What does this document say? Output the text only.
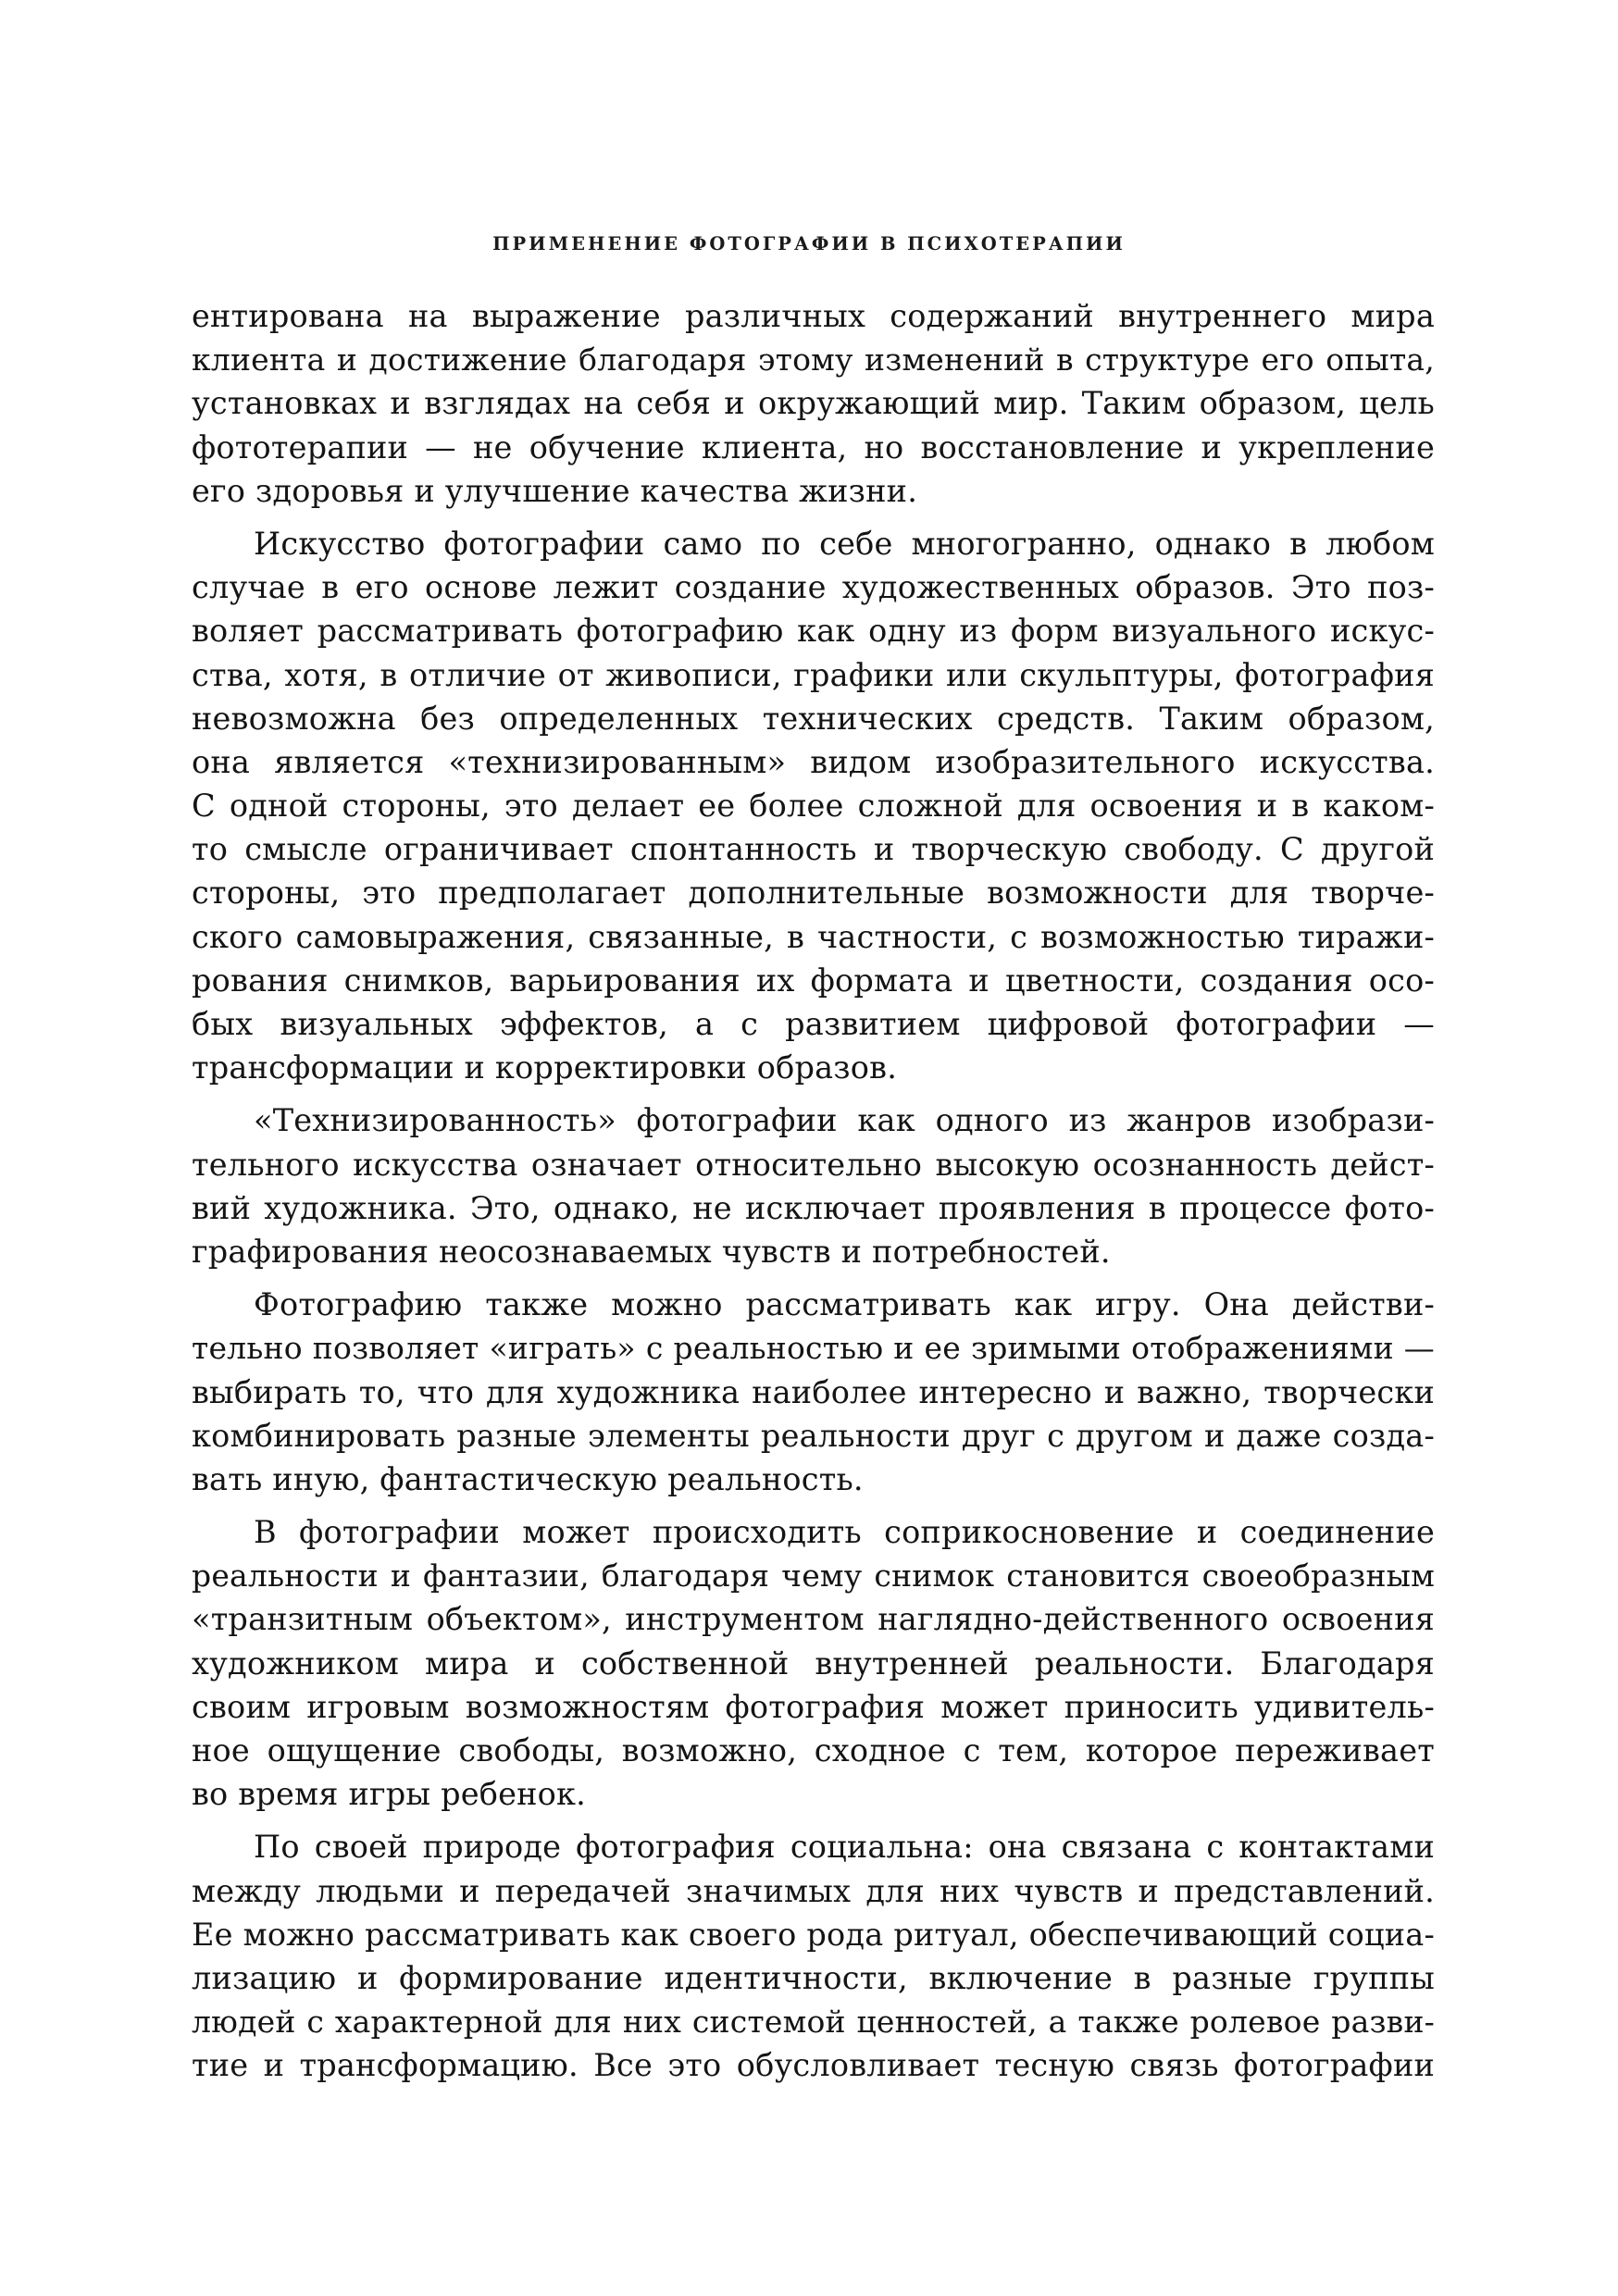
ПРИМЕНЕНИЕ ФОТОГРАФИИ В ПСИХОТЕРАПИИ

ентирована на выражение различных содержаний внутреннего мира
клиента и достижение благодаря этому изменений в структуре его опыта,
установках и взглядах на себя и окружающий мир. Таким образом, цель
фототерапии — не обучение клиента, но восстановление и укрепление
его здоровья и улучшение качества жизни.

Искусство фотографии само по себе многогранно, однако в любом
случае в его основе лежит создание художественных образов. Это поз-
воляет рассматривать фотографию как одну из форм визуального искус-
ства, хотя, в отличие от живописи, графики или скульптуры, фотография
невозможна без определенных технических средств. Таким образом,
она является «технизированным» видом изобразительного искусства.
С одной стороны, это делает ее более сложной для освоения и в каком-
то смысле ограничивает спонтанность и творческую свободу. С другой
стороны, это предполагает дополнительные возможности для творче-
ского самовыражения, связанные, в частности, с возможностью тиражи-
рования снимков, варьирования их формата и цветности, создания осо-
бых визуальных эффектов, а с развитием цифровой фотографии —
трансформации и корректировки образов.

«Технизированность» фотографии как одного из жанров изобрази-
тельного искусства означает относительно высокую осознанность дейст-
вий художника. Это, однако, не исключает проявления в процессе фото-
графирования неосознаваемых чувств и потребностей.

Фотографию также можно рассматривать как игру. Она действи-
тельно позволяет «играть» с реальностью и ее зримыми отображениями —
выбирать то, что для художника наиболее интересно и важно, творчески
комбинировать разные элементы реальности друг с другом и даже созда-
вать иную, фантастическую реальность.

В фотографии может происходить соприкосновение и соединение
реальности и фантазии, благодаря чему снимок становится своеобразным
«транзитным объектом», инструментом наглядно-действенного освоения
художником мира и собственной внутренней реальности. Благодаря
своим игровым возможностям фотография может приносить удивитель-
ное ощущение свободы, возможно, сходное с тем, которое переживает
во время игры ребенок.

По своей природе фотография социальна: она связана с контактами
между людьми и передачей значимых для них чувств и представлений.
Ее можно рассматривать как своего рода ритуал, обеспечивающий социа-
лизацию и формирование идентичности, включение в разные группы
людей с характерной для них системой ценностей, а также ролевое разви-
тие и трансформацию. Все это обусловливает тесную связь фотографии
